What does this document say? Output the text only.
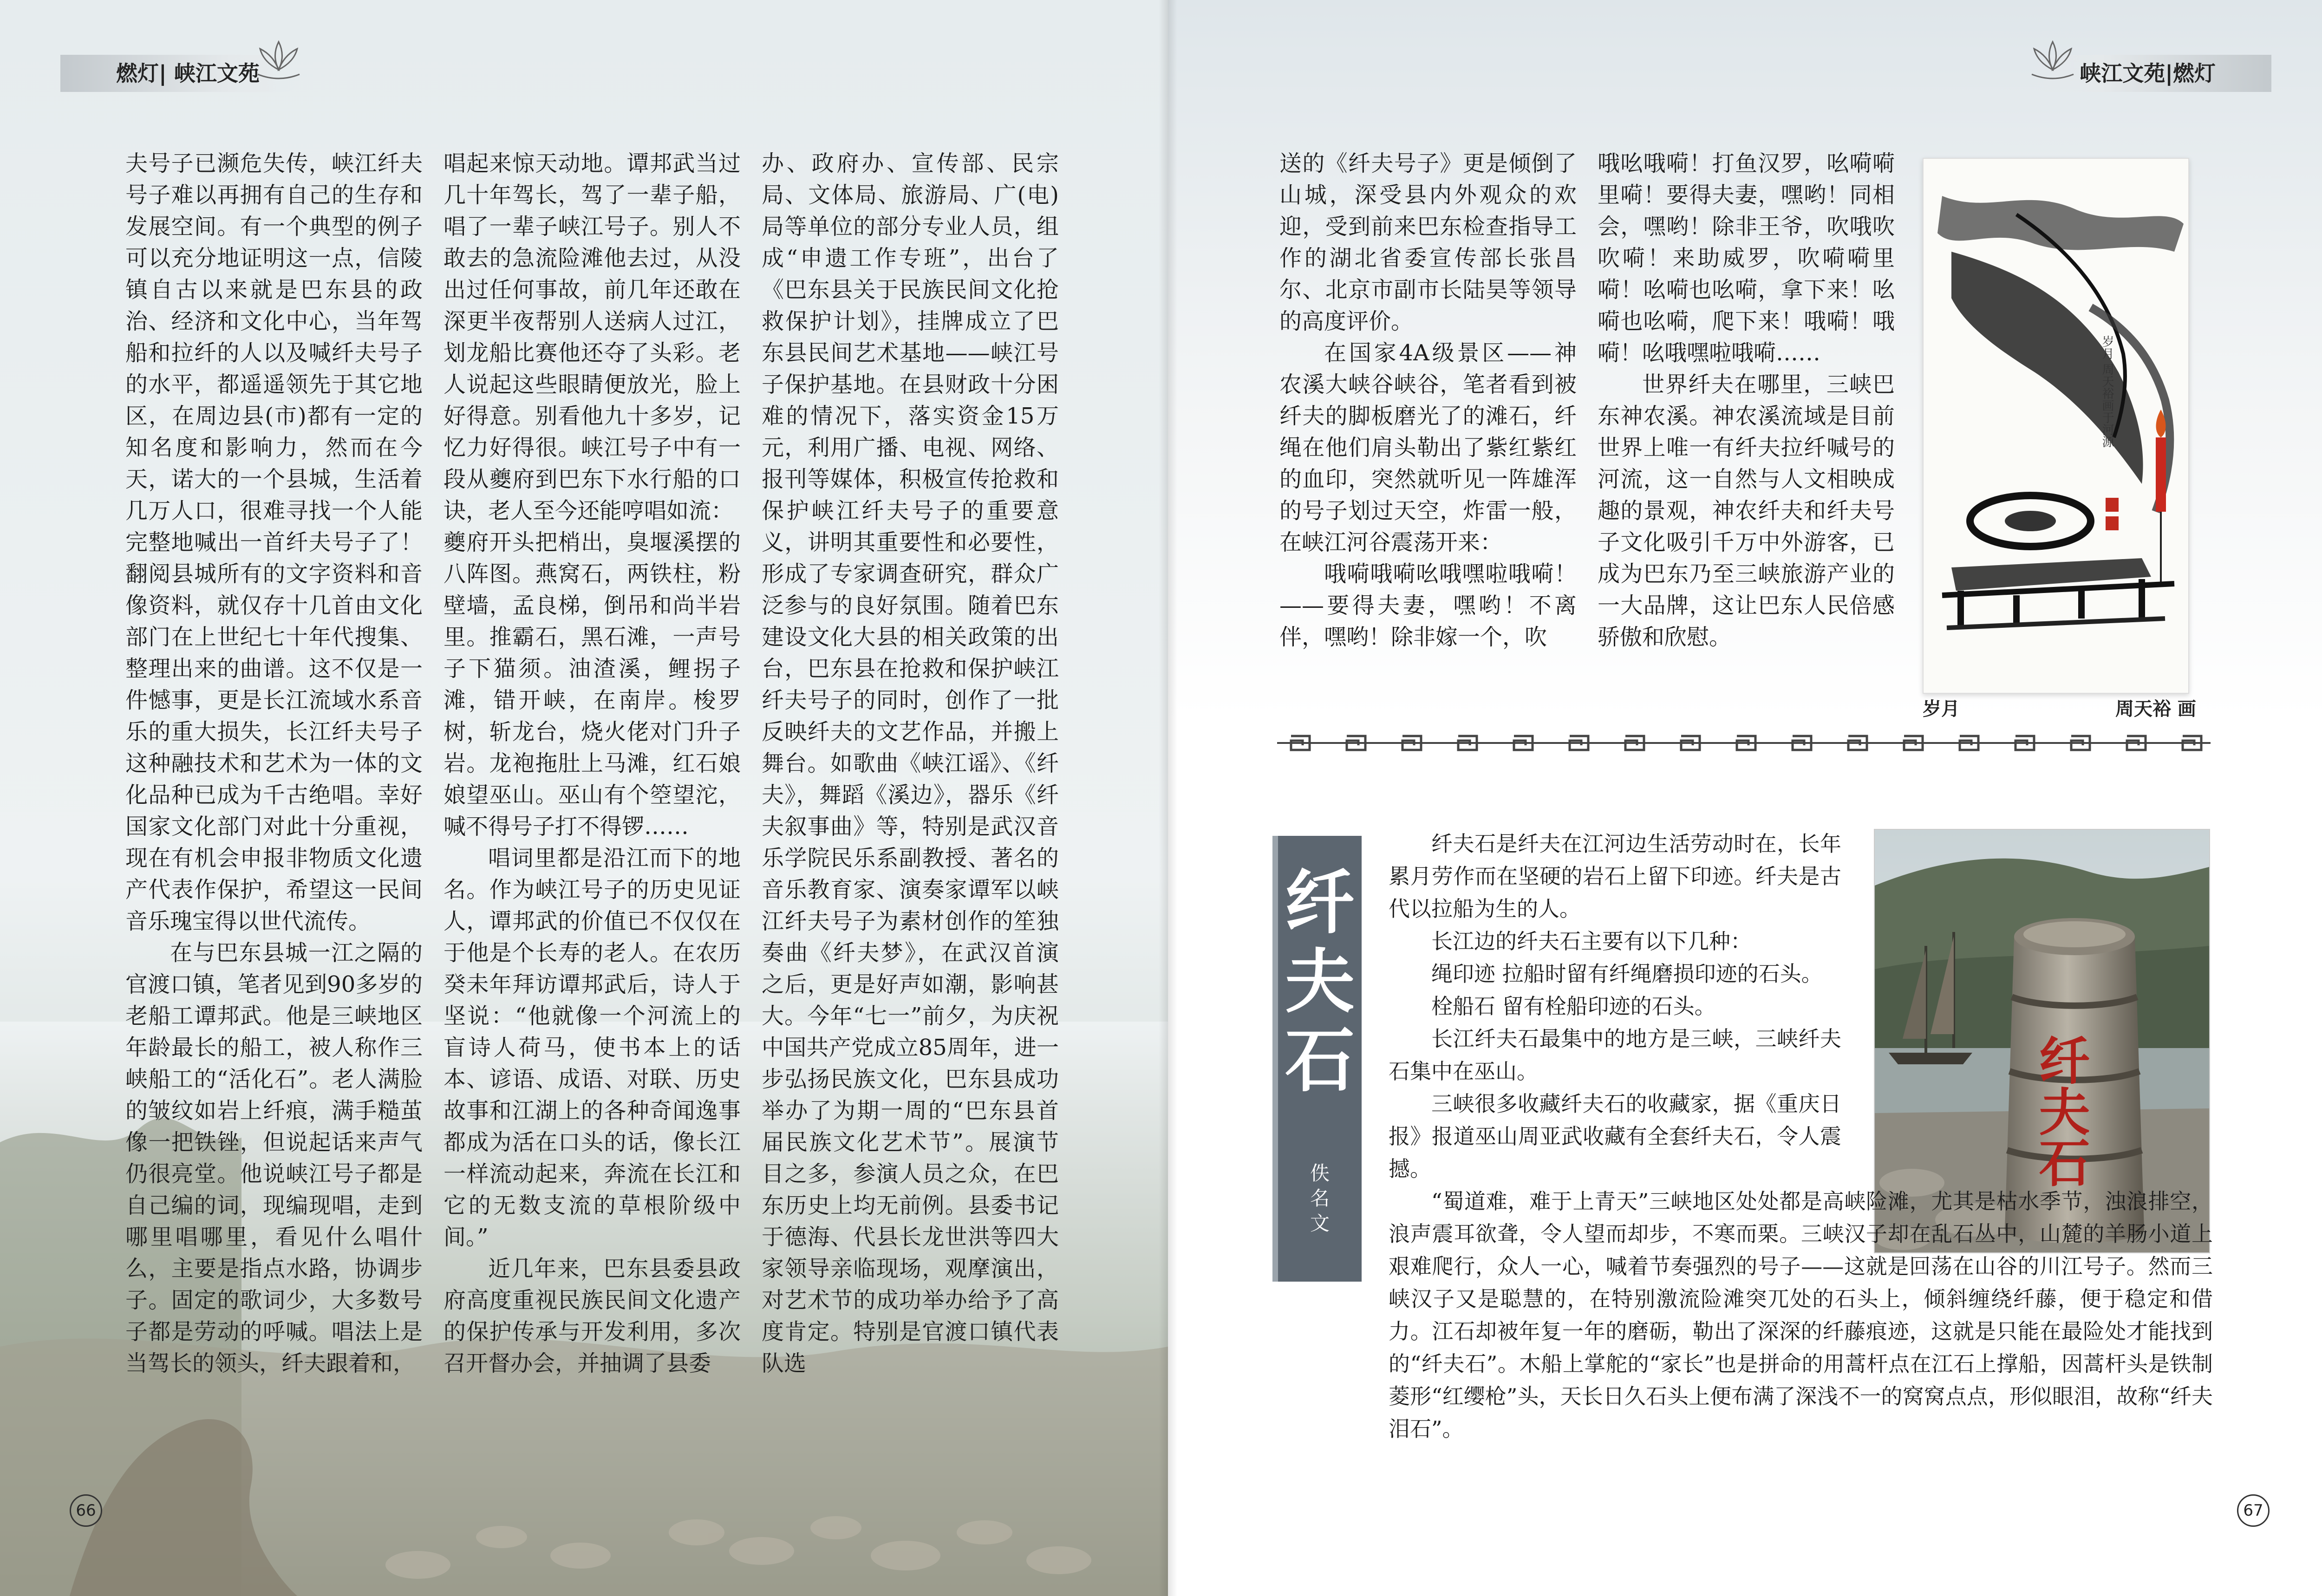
燃灯| 峡江文苑

夫号子已濒危失传，峡江纤夫号子难以再拥有自己的生存和发展空间。有一个典型的例子可以充分地证明这一点，信陵镇自古以来就是巴东县的政治、经济和文化中心，当年驾船和拉纤的人以及喊纤夫号子的水平，都遥遥领先于其它地区，在周边县(市)都有一定的知名度和影响力，然而在今天，诺大的一个县城，生活着几万人口，很难寻找一个人能完整地喊出一首纤夫号子了！翻阅县城所有的文字资料和音像资料，就仅存十几首由文化部门在上世纪七十年代搜集、整理出来的曲谱。这不仅是一件憾事，更是长江流域水系音乐的重大损失，长江纤夫号子这种融技术和艺术为一体的文化品种已成为千古绝唱。幸好国家文化部门对此十分重视，现在有机会申报非物质文化遗产代表作保护，希望这一民间音乐瑰宝得以世代流传。

在与巴东县城一江之隔的官渡口镇，笔者见到90多岁的老船工谭邦武。他是三峡地区年龄最长的船工，被人称作三峡船工的“活化石”。老人满脸的皱纹如岩上纤痕，满手糙茧像一把铁锉，但说起话来声气仍很亮堂。他说峡江号子都是自己编的词，现编现唱，走到哪里唱哪里，看见什么唱什么，主要是指点水路，协调步子。固定的歌词少，大多数号子都是劳动的呼喊。唱法上是当驾长的领头，纤夫跟着和，

唱起来惊天动地。谭邦武当过几十年驾长，驾了一辈子船，唱了一辈子峡江号子。别人不敢去的急流险滩他去过，从没出过任何事故，前几年还敢在深更半夜帮别人送病人过江，划龙船比赛他还夺了头彩。老人说起这些眼睛便放光，脸上好得意。别看他九十多岁，记忆力好得很。峡江号子中有一段从夔府到巴东下水行船的口诀，老人至今还能哼唱如流：

夔府开头把梢出，臭堰溪摆的八阵图。燕窝石，两铁柱，粉壁墙，孟良梯，倒吊和尚半岩里。推霸石，黑石滩，一声号子下猫须。油渣溪，鲤拐子滩，错开峡，在南岸。梭罗树，斩龙台，烧火佬对门升子岩。龙袍拖肚上马滩，红石娘娘望巫山。巫山有个箜望沱，喊不得号子打不得锣……

唱词里都是沿江而下的地名。作为峡江号子的历史见证人，谭邦武的价值已不仅仅在于他是个长寿的老人。在农历癸未年拜访谭邦武后，诗人于坚说：“他就像一个河流上的盲诗人荷马，使书本上的话本、谚语、成语、对联、历史故事和江湖上的各种奇闻逸事都成为活在口头的话，像长江一样流动起来，奔流在长江和它的无数支流的草根阶级中间。”

近几年来，巴东县委县政府高度重视民族民间文化遗产的保护传承与开发利用，多次召开督办会，并抽调了县委

办、政府办、宣传部、民宗局、文体局、旅游局、广(电)局等单位的部分专业人员，组成“申遗工作专班”，出台了《巴东县关于民族民间文化抢救保护计划》，挂牌成立了巴东县民间艺术基地——峡江号子保护基地。在县财政十分困难的情况下，落实资金15万元，利用广播、电视、网络、报刊等媒体，积极宣传抢救和保护峡江纤夫号子的重要意义，讲明其重要性和必要性，形成了专家调查研究，群众广泛参与的良好氛围。随着巴东建设文化大县的相关政策的出台，巴东县在抢救和保护峡江纤夫号子的同时，创作了一批反映纤夫的文艺作品，并搬上舞台。如歌曲《峡江谣》、《纤夫》，舞蹈《溪边》，器乐《纤夫叙事曲》等，特别是武汉音乐学院民乐系副教授、著名的音乐教育家、演奏家谭军以峡江纤夫号子为素材创作的笙独奏曲《纤夫梦》，在武汉首演之后，更是好声如潮，影响甚大。今年“七一”前夕，为庆祝中国共产党成立85周年，进一步弘扬民族文化，巴东县成功举办了为期一周的“巴东县首届民族文化艺术节”。展演节目之多，参演人员之众，在巴东历史上均无前例。县委书记于德海、代县长龙世洪等四大家领导亲临现场，观摩演出，对艺术节的成功举办给予了高度肯定。特别是官渡口镇代表队选

66
峡江文苑|燃灯
67

送的《纤夫号子》更是倾倒了山城，深受县内外观众的欢迎，受到前来巴东检查指导工作的湖北省委宣传部长张昌尔、北京市副市长陆昊等领导的高度评价。

在国家4A级景区——神农溪大峡谷峡谷，笔者看到被纤夫的脚板磨光了的滩石，纤绳在他们肩头勒出了紫红紫红的血印，突然就听见一阵雄浑的号子划过天空，炸雷一般，在峡江河谷震荡开来：

哦嗬哦嗬吆哦嘿啦哦嗬！——要得夫妻，嘿哟！不离伴，嘿哟！除非嫁一个，吹

哦吆哦嗬！打鱼汉罗，吆嗬嗬里嗬！要得夫妻，嘿哟！同相会，嘿哟！除非王爷，吹哦吹吹嗬！来助威罗，吹嗬嗬里嗬！吆嗬也吆嗬，拿下来！吆嗬也吆嗬，爬下来！哦嗬！哦嗬！吆哦嘿啦哦嗬……

世界纤夫在哪里，三峡巴东神农溪。神农溪流域是目前世界上唯一有纤夫拉纤喊号的河流，这一自然与人文相映成趣的景观，神农纤夫和纤夫号子文化吸引千万中外游客，已成为巴东乃至三峡旅游产业的一大品牌，这让巴东人民倍感骄傲和欣慰。

岁月 周天裕画于河源
岁月	周天裕 画
纤
夫
石
佚名文
纤夫石

纤夫石是纤夫在江河边生活劳动时在，长年累月劳作而在坚硬的岩石上留下印迹。纤夫是古代以拉船为生的人。

长江边的纤夫石主要有以下几种：

绳印迹 拉船时留有纤绳磨损印迹的石头。

栓船石 留有栓船印迹的石头。

长江纤夫石最集中的地方是三峡，三峡纤夫石集中在巫山。

三峡很多收藏纤夫石的收藏家，据《重庆日报》报道巫山周亚武收藏有全套纤夫石，令人震撼。

“蜀道难，难于上青天”三峡地区处处都是高峡险滩，尤其是枯水季节，浊浪排空，浪声震耳欲聋，令人望而却步，不寒而栗。三峡汉子却在乱石丛中，山麓的羊肠小道上艰难爬行，众人一心，喊着节奏强烈的号子——这就是回荡在山谷的川江号子。然而三峡汉子又是聪慧的，在特别激流险滩突兀处的石头上，倾斜缠绕纤藤，便于稳定和借力。江石却被年复一年的磨砺，勒出了深深的纤藤痕迹，这就是只能在最险处才能找到的“纤夫石”。木船上掌舵的“家长”也是拼命的用蒿杆点在江石上撑船，因蒿杆头是铁制菱形“红缨枪”头，天长日久石头上便布满了深浅不一的窝窝点点，形似眼泪，故称“纤夫泪石”。
